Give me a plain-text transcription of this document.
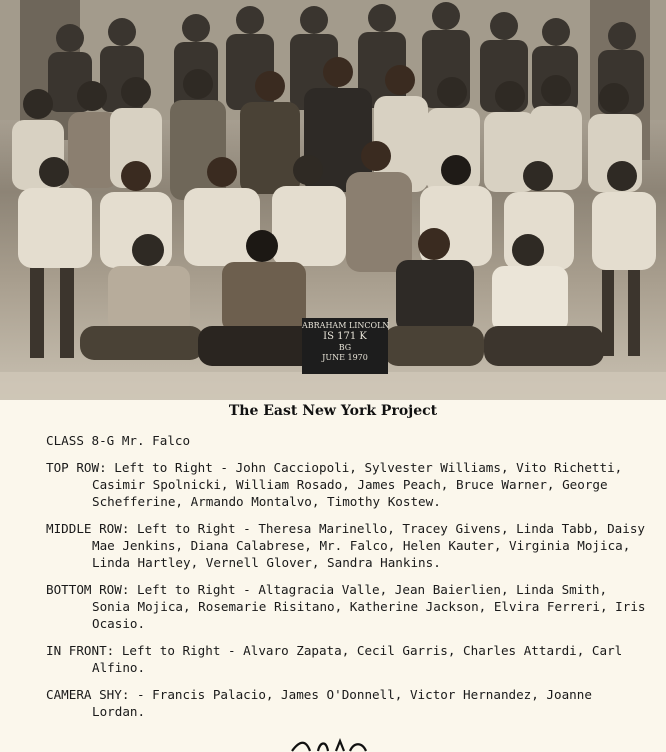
ABRAHAM LINCOLN
IS 171 K
BG
JUNE 1970
The East New York Project

CLASS 8-G Mr. Falco

TOP ROW: Left to Right - John Cacciopoli, Sylvester Williams, Vito Richetti, Casimir Spolnicki, William Rosado, James Peach, Bruce Warner, George Schefferine, Armando Montalvo, Timothy Kostew.

MIDDLE ROW: Left to Right - Theresa Marinello, Tracey Givens, Linda Tabb, Daisy Mae Jenkins, Diana Calabrese, Mr. Falco, Helen Kauter, Virginia Mojica, Linda Hartley, Vernell Glover, Sandra Hankins.

BOTTOM ROW: Left to Right - Altagracia Valle, Jean Baierlien, Linda Smith, Sonia Mojica, Rosemarie Risitano, Katherine Jackson, Elvira Ferreri, Iris Ocasio.

IN FRONT: Left to Right - Alvaro Zapata, Cecil Garris, Charles Attardi, Carl Alfino.

CAMERA SHY: - Francis Palacio, James O'Donnell, Victor Hernandez, Joanne Lordan.
